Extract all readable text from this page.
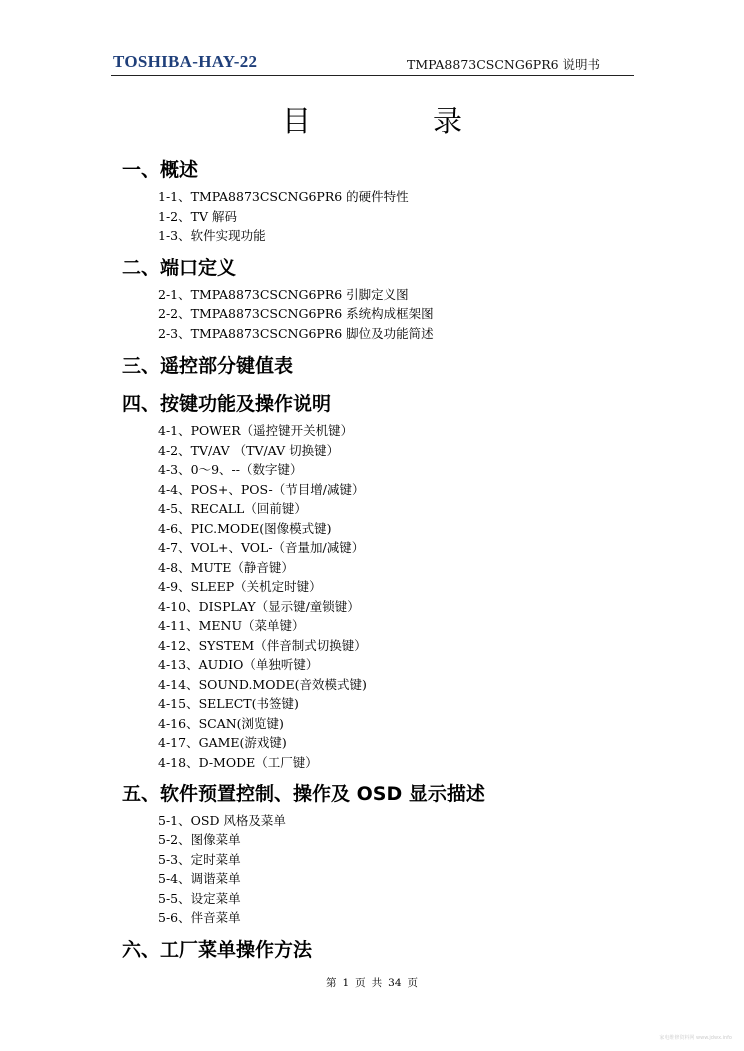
TOSHIBA-HAY-22	TMPA8873CSCNG6PR6 说明书
目	录
一、概述
1-1、TMPA8873CSCNG6PR6 的硬件特性
1-2、TV 解码
1-3、软件实现功能
二、端口定义
2-1、TMPA8873CSCNG6PR6 引脚定义图
2-2、TMPA8873CSCNG6PR6 系统构成框架图
2-3、TMPA8873CSCNG6PR6 脚位及功能简述
三、遥控部分键值表
四、按键功能及操作说明
4-1、POWER（遥控键开关机键）
4-2、TV/AV （TV/AV 切换键）
4-3、0～9、--（数字键）
4-4、POS+、POS-（节目增/减键）
4-5、RECALL（回前键）
4-6、PIC.MODE(图像模式键)
4-7、VOL+、VOL-（音量加/减键）
4-8、MUTE（静音键）
4-9、SLEEP（关机定时键）
4-10、DISPLAY（显示键/童锁键）
4-11、MENU（菜单键）
4-12、SYSTEM（伴音制式切换键）
4-13、AUDIO（单独听键）
4-14、SOUND.MODE(音效模式键)
4-15、SELECT(书签键)
4-16、SCAN(浏览键)
4-17、GAME(游戏键)
4-18、D-MODE（工厂键）
五、软件预置控制、操作及 OSD 显示描述
5-1、OSD 风格及菜单
5-2、图像菜单
5-3、定时菜单
5-4、调谐菜单
5-5、设定菜单
5-6、伴音菜单
六、工厂菜单操作方法
第 1 页 共 34 页
家电维修资料网 www.jdwx.info
